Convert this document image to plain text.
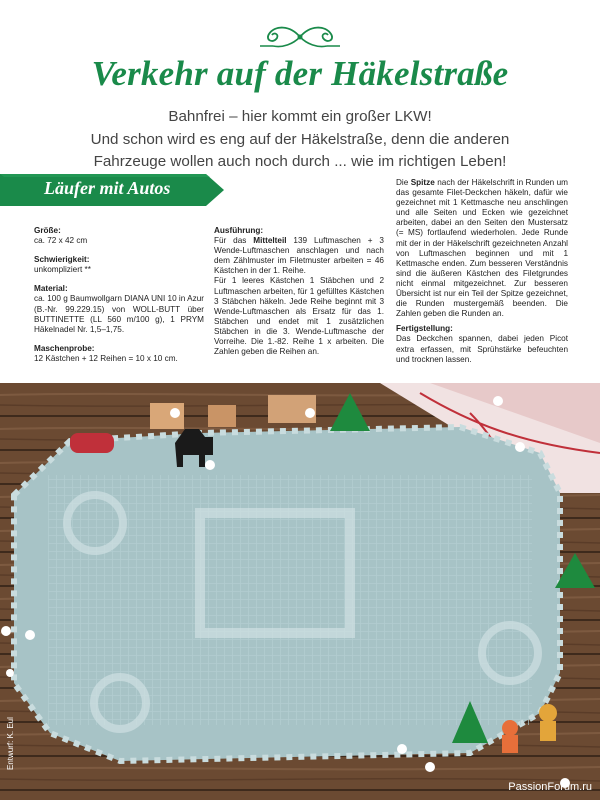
Verkehr auf der Häkelstraße
Bahnfrei – hier kommt ein großer LKW!
Und schon wird es eng auf der Häkelstraße, denn die anderen
Fahrzeuge wollen auch noch durch ... wie im richtigen Leben!
Läufer mit Autos

Größe:

ca. 72 x 42 cm

Schwierigkeit:

unkompliziert **

Material:

ca. 100 g Baumwollgarn DIANA UNI 10 in Azur (B.-Nr. 99.229.15) von WOLL-BUTT über BUTTINETTE (LL 560 m/100 g), 1 PRYM Häkelnadel Nr. 1,5–1,75.

Maschenprobe:

12 Kästchen + 12 Reihen = 10 x 10 cm.

Ausführung:

Für das Mittelteil 139 Luftmaschen + 3 Wende-Luftmaschen anschlagen und nach dem Zählmuster im Filetmuster arbeiten = 46 Kästchen in der 1. Reihe.

Für 1 leeres Kästchen 1 Stäbchen und 2 Luftmaschen arbeiten, für 1 gefülltes Kästchen 3 Stäbchen häkeln. Jede Reihe beginnt mit 3 Wende-Luftmaschen als Ersatz für das 1. Stäbchen und endet mit 1 zusätzlichen Stäbchen in die 3. Wende-Luftmasche der Vorreihe. Die 1.-82. Reihe 1 x arbeiten. Die Zahlen geben die Reihen an.

Die Spitze nach der Häkelschrift in Runden um das gesamte Filet-Deckchen häkeln, dafür wie gezeichnet mit 1 Kettmasche neu anschlingen und alle Seiten und Ecken wie gezeichnet arbeiten, dabei an den Seiten den Mustersatz (= MS) fortlaufend wiederholen. Jede Runde mit der in der Häkelschrift gezeichneten Anzahl von Luftmaschen beginnen und mit 1 Kettmasche enden. Zum besseren Verständnis sind die äußeren Kästchen des Filetgrundes nicht einmal mitgezeichnet. Zur besseren Übersicht ist nur ein Teil der Spitze gezeichnet, die Runden mustergemäß beenden. Die Zahlen geben die Runden an.

Fertigstellung:

Das Deckchen spannen, dabei jeden Picot extra erfassen, mit Sprühstärke befeuchten und trocknen lassen.

PassionForum.ru
Entwurf: K. Eul
